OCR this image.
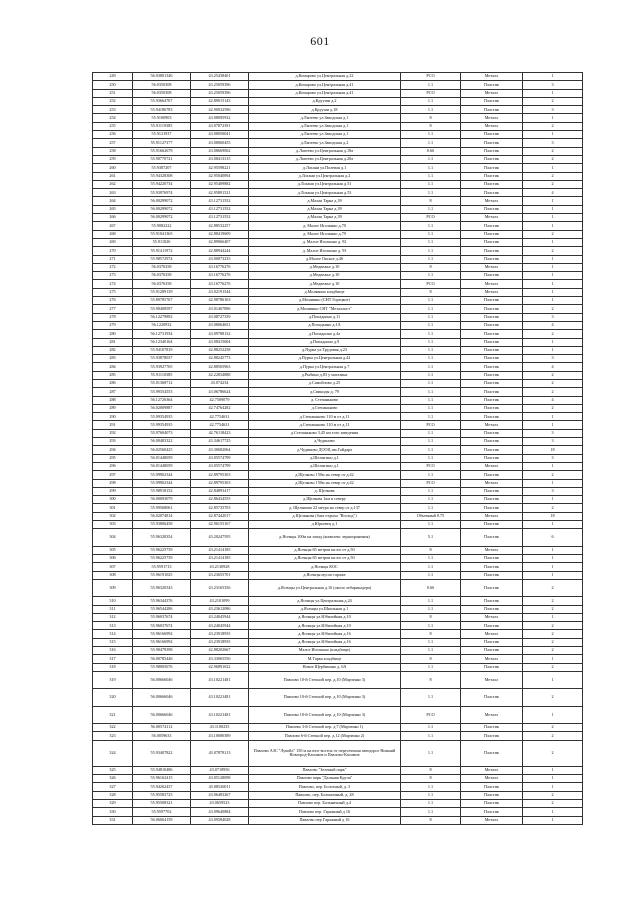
601
249	56.03801346	43.25438401	д.Комарово ул.Центральная д.22	РСО	Металл	1
250	56.0350308	43.25059396	д.Комарово ул.Центральная д.41	1.1	Пластик	3
251	56.0350308	43.25059396	д.Комарово ул.Центральная д.41	РСО	Металл	1
252	55.93664767	42.89015143	д.Крууши д.2	1.1	Пластик	2
253	55.94186783	42.90032596	д.Крууши д.18	1.1	Пластик	3
254	55.9100903	43.08095932	д.Лаптево ул.Заводская д.1	8	Металл	1
255	55.91119385	43.07872391	д.Лаптево ул.Заводская д.1	8	Металл	2
256	55.9121937	43.08050041	д.Лаптево ул.Заводская д.1	1.1	Пластик	1
257	55.91127377	43.08060455	д.Лаптево ул.Заводская д.2	1.1	Пластик	3
258	55.91662679	43.08669062	д.Лаптево ул.Центральная д.18а	0.66	Пластик	2
259	55.90770721	43.08413315	д.Лаптево ул.Центральная д.20а	1.1	Пластик	2
260	55.9387207	42.95598221	д.Лохани ул.Полевая д.1	1.1	Пластик	1
261	55.94328308	42.95040894	д.Лохани ул.Центральная д.2	1.1	Пластик	2
262	55.94220734	42.95409882	д.Лохани ул.Центральная д.51	1.1	Пластик	2
263	55.93976974	42.95891521	д.Лохани ул.Центральная д.53	1.1	Пластик	4
264	56.00299072	43.12731552	д.Малая Тарка д.39	8	Металл	1
265	56.00299072	43.12731552	д.Малая Тарка д.39	1.1	Пластик	1
266	56.00299072	43.12731552	д.Малая Тарка д.39	РСО	Металл	1
267	55.9082222	42.88532257	д. Малое Иголкино д.70	1.1	Пластик	1
268	55.91041365	42.88419609	д. Малое Иголкино д.79	1.1	Пластик	2
269	55.911026	42.89066407	д. Малое Иголкино д. 92	1.1	Пластик	1
270	55.91411972	42.88944244	д. Малое Иголкино д. 93	1.1	Пластик	2
271	55.98572974	43.00073235	д.Малое Окское д.46	1.1	Пластик	1
272	56.0376358	43.16776276	д.Медвежье д.10	8	Металл	1
273	56.0376358	43.16776276	д.Медвежье д.10	1.1	Пластик	1
274	56.0376358	43.16776276	д.Медвежье д.10	РСО	Металл	1
275	55.91289139	43.02191544	д.Молявино кладбище	8	Металл	1
276	55.89785767	42.98786163	д.Молявино (СНТ Горецкое)	1.1	Пластик	1
277	55.90408597	43.01467896	д.Молявино СНТ "Металлист"	1.1	Пластик	2
278	56.12279892	43.08727339	д.Попадьино д.11	1.1	Пластик	3
279	56.1220932	43.08064651	д.Попадьино д.1А	1.1	Пластик	4
280	56.12731934	43.09788132	д.Попадьино д.4а	1.1	Пластик	2
281	56.12340164	43.08415604	д.Попадьино д.9	1.1	Пластик	1
282	55.94107819	42.88252258	д.Пурка ул.Трудовая д.23	1.1	Пластик	1
283	55.93878037	42.88245773	д.Пурка ул.Центральная д.42	1.1	Пластик	3
284	55.93927765	42.88505963	д.Пурка ул.Центральная д.7	1.1	Пластик	4
285	55.91110385	42.22834888	д.Рыбино д.83 у магазина	1.1	Пластик	2
286	55.01368712	43.074234	д.Самойлово д.25	1.1	Пластик	2
287	55.99354553	43.06786624	д.Свиноды д. 79	1.1	Пластик	2
288	56.12726364	42.7509079	д. Степаньково	1.1	Пластик	4
289	56.02009887	42.74764282	д.Степаньково	1.1	Пластик	2
290	55.99354935	42.7754631	д.Степаньково 110 м от д.11	1.1	Пластик	1
291	55.99354935	42.7754631	д.Степаньково 110 м от д.11	РСО	Металл	1
292	55.97604073	42.76118423	д.Степаньково 3,45 км того заведения	1.1	Пластик	3
293	56.00483322	43.34617725	д.Чудиново	1.1	Пластик	3
294	56.02560425	43.30682064	д.Чудиново ДООЦ им.Гайдара	1.1	Пластик	18
295	56.01448059	43.05574799	д.Шелыгино д.1	1.1	Пластик	3
296	56.01448059	43.05574799	д.Шелыгино д.1	РСО	Металл	1
297	55.99902344	42.89795303	д.Щелково 150м на север от д.42	1.1	Пластик	2
298	55.99902344	42.89795303	д.Щелково 150м на север от д.42	РСО	Металл	1
299	55.98918152	42.84893417	д. Щелкова	1.1	Пластик	3
300	56.00093079	42.86434555	д.Щелкова 1км к северу	1.1	Пластик	1
301	55.99568061	42.85735703	д. Щелыкова 22 метра на север от д.137	1.1	Пластик	2
302	56.02074814	42.87442017	д.Щелыкова (база отдыха "Восход")	Объемный 0.75	Металл	18
303	55.93806458	42.96155167	д.Юрьевец д.1	1.1	Пластик	1
304	55.96328354	43.20247595	д.Ясенцы 100м на запад (комплекс зернохранения)	5.1	Пластик	6
305	55.96225739	43.21414185	д.Ясенцы 65 метров на юг от д.50	8	Металл	1
306	55.96225739	43.21414185	д.Ясенцы 65 метров на юг от д.50	1.1	Пластик	1
307	55.9591713	43.2130928	д.Ясенцы КОС	1.1	Пластик	1
308	55.96191025	43.23655701	д.Ясенцы мусоп гараже	1.1	Пластик	1
309	55.96320343	43.23165356	д.Ясенцы ул.Центральная д.16 (около лебарикадера)	0.66	Пластик	2
310	55.96344376	43.2101099	д.Ясенцы ул.Центральная д.24	1.1	Пластик	2
311	55.96544286	43.23612086	д.Ясенцы ул.Школьная д.1	1.1	Пластик	2
312	55.96037674	43.24045944	д.Ясенцы ул.Юбилейная д.10	8	Металл	1
313	55.96037674	43.24045944	д.Ясенцы ул.Юбилейная д.10	1.1	Пластик	2
314	55.96166992	43.23918935	д.Ясенцы ул.Юбилейная д.16	8	Металл	2
315	55.96166992	43.23918935	д.Ясенцы ул.Юбилейная д.16	1.1	Пластик	2
316	55.90479398	42.88202667	Малое Иголкино (кладбище)	1.1	Пластик	2
317	56.00785446	43.33065556	М.Тарка кладбище	8	Металл	1
318	55.98005676	42.96891022	Новое Щербинино д. 6А	1.1	Пластик	2
319	56.00666046	43.10221481	Павлово 10-й Степной пер. д.10 (Марченко 3)	8	Металл	1
320	56.00666046	43.10221481	Павлово 10-й Степной пер. д.10 (Марченко 3)	1.1	Пластик	2
321	56.00666046	43.10221481	Павлово 10-й Степной пер. д.10 (Марченко 3)	РСО	Металл	1
322	56.00574112	43.1100235	Павлово 3-й Степной пер. д.7 (Марченко 1)	1.1	Пластик	2
323	56.0059633	43.10680389	Павлово 6-й Степной пер. д.12 (Марченко 2)	1.1	Пластик	2
324	55.93407822	43.07878113	Павлово АЗС "Лукойл" 150 м на юго-восток от пересечения автодорог Нижний Новгород-Касимов и Павлово-Касимов	1.1	Пластик	2
325	55.94810486	43.0718956	Павлово "Зеленый парк"	8	Металл	1
326	55.96162415	43.05128098	Павлово парк "Дальняя Круча"	8	Металл	1
327	55.94262437	43.08526011	Павлово, пер. Болотный, д. 3	1.1	Пластик	1
328	55.95583725	43.06483267	Павлово, пер. Больничный, д. 28	1.1	Пластик	2
329	55.95508321	43.0659523	Павлово пер. Больничный д.4	1.1	Пластик	2
330	55.9597702	43.09640884	Павлово пер. Гаражный д 16	1.1	Пластик	1
331	56.06064159	43.09584028	Павлово пер Гаражный д 16	8	Металл	1
